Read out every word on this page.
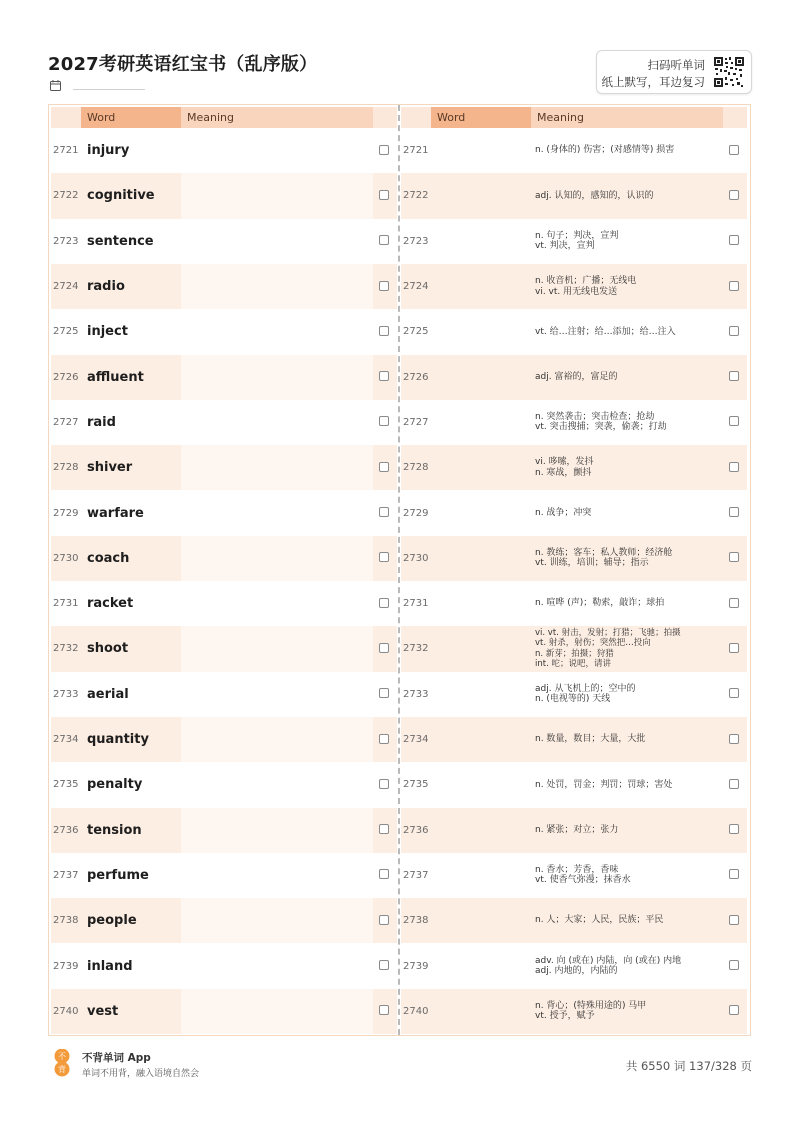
2027考研英语红宝书（乱序版）	扫码听单词
纸上默写，耳边复习
Word	Meaning
2721 injury
2722 cognitive
2723 sentence
2724 radio
2725 inject
2726 affluent
2727 raid
2728 shiver
2729 warfare
2730 coach
2731 racket
2732 shoot
2733 aerial
2734 quantity
2735 penalty
2736 tension
2737 perfume
2738 people
2739 inland
2740 vest
Word	Meaning
2721	n. (身体的) 伤害；(对感情等) 损害
2722	adj. 认知的，感知的，认识的
2723	n. 句子；判决，宣判
vt. 判决，宣判
2724	n. 收音机；广播；无线电
vi. vt. 用无线电发送
2725	vt. 给…注射；给…添加；给…注入
2726	adj. 富裕的，富足的
2727	n. 突然袭击；突击检查；抢劫
vt. 突击搜捕；突袭，偷袭；打劫
2728	vi. 哆嗦，发抖
n. 寒战，颤抖
2729	n. 战争；冲突
2730	n. 教练；客车；私人教师；经济舱
vt. 训练，培训；辅导；指示
2731	n. 喧哗 (声)；勒索，敲诈；球拍
2732
vi. vt. 射击，发射；打猎；飞驰；拍摄
vt. 射杀，射伤；突然把…投向
n. 新芽；拍摄；狩猎
int. 咜；说吧，请讲
2733	adj. 从飞机上的；空中的
n. (电视等的) 天线
2734	n. 数量，数目；大量，大批
2735	n. 处罚，罚金；判罚；罚球；害处
2736	n. 紧张；对立；张力
2737	n. 香水；芳香，香味
vt. 使香气弥漫；抹香水
2738	n. 人；大家；人民，民族；平民
2739	adv. 向 (或在) 内陆，向 (或在) 内地
adj. 内地的，内陆的
2740	n. 背心；(特殊用途的) 马甲
vt. 授予，赋予
不
背
不背单词 App
单词不用背，融入语境自然会
共 6550 词 137/328 页
